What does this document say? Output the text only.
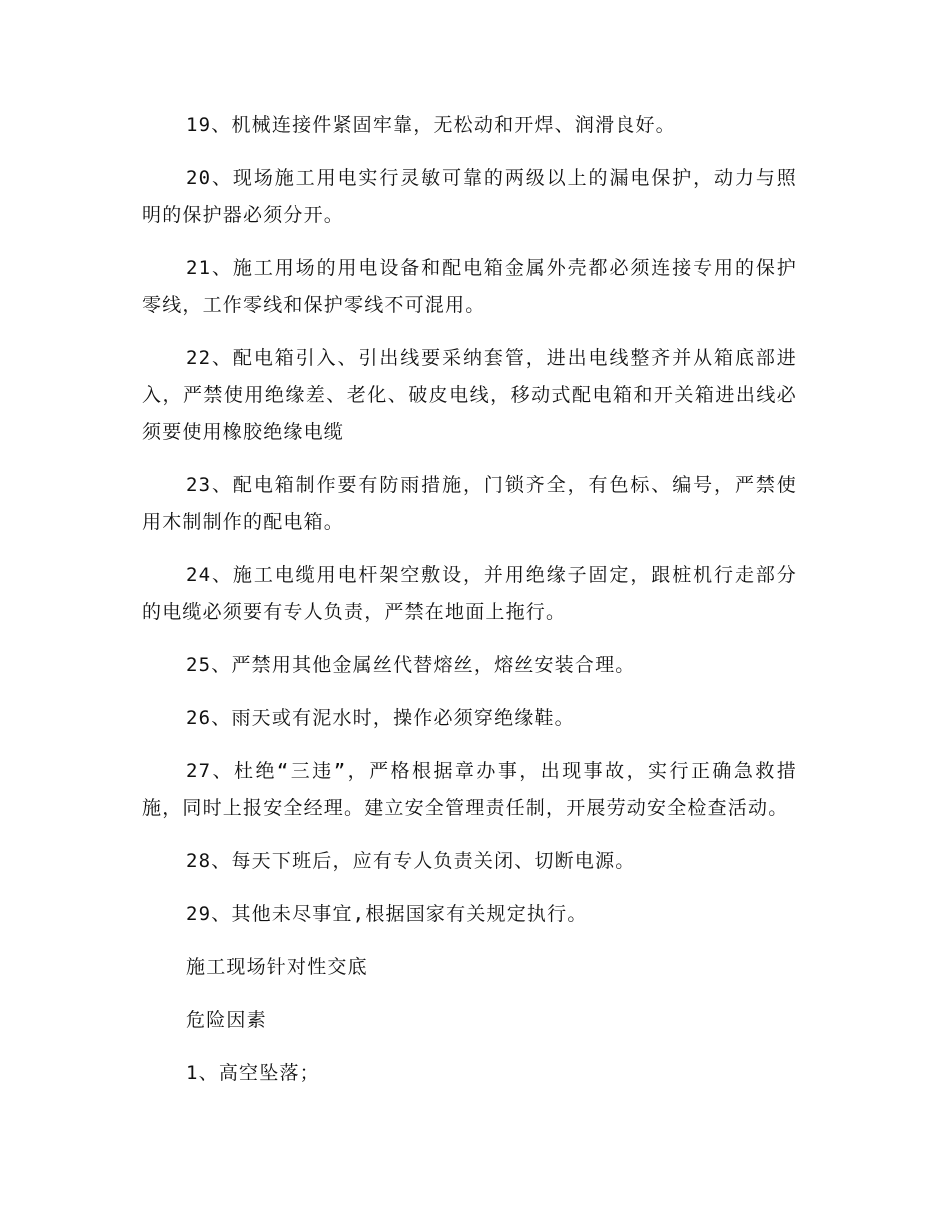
19、机械连接件紧固牢靠，无松动和开焊、润滑良好。

20、现场施工用电实行灵敏可靠的两级以上的漏电保护，动力与照明的保护器必须分开。

21、施工用场的用电设备和配电箱金属外壳都必须连接专用的保护零线，工作零线和保护零线不可混用。

22、配电箱引入、引出线要采纳套管，进出电线整齐并从箱底部进入，严禁使用绝缘差、老化、破皮电线，移动式配电箱和开关箱进出线必须要使用橡胶绝缘电缆

23、配电箱制作要有防雨措施，门锁齐全，有色标、编号，严禁使用木制制作的配电箱。

24、施工电缆用电杆架空敷设，并用绝缘子固定，跟桩机行走部分的电缆必须要有专人负责，严禁在地面上拖行。

25、严禁用其他金属丝代替熔丝，熔丝安装合理。

26、雨天或有泥水时，操作必须穿绝缘鞋。

27、杜绝“三违”，严格根据章办事，出现事故，实行正确急救措施，同时上报安全经理。建立安全管理责任制，开展劳动安全检查活动。

28、每天下班后，应有专人负责关闭、切断电源。

29、其他未尽事宜,根据国家有关规定执行。

施工现场针对性交底

危险因素

1、高空坠落；
